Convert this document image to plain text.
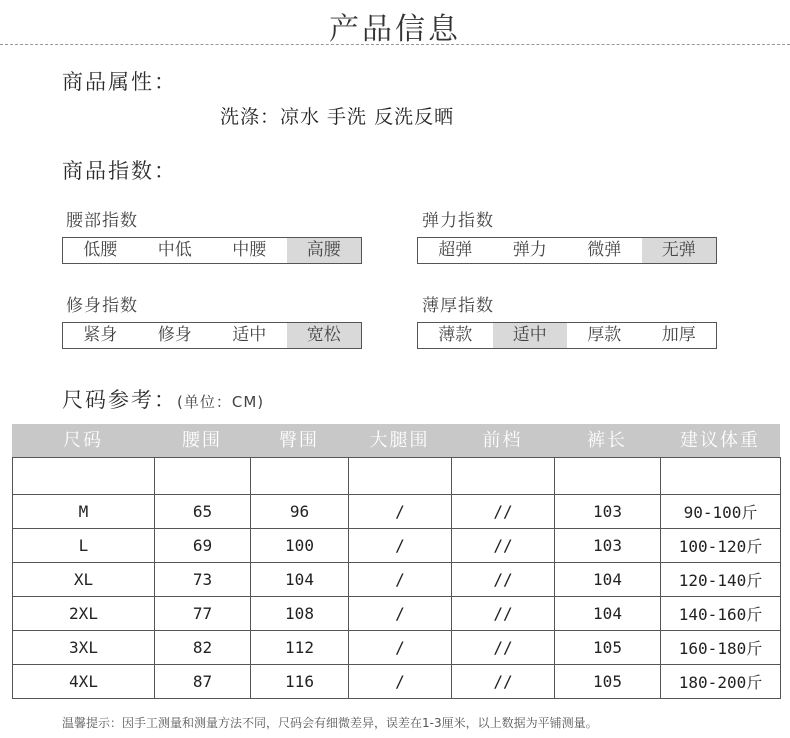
产品信息
商品属性：
洗涤：凉水 手洗 反洗反晒
商品指数：
腰部指数
低腰	中低	中腰	高腰
弹力指数
超弹	弹力	微弹	无弹
修身指数
紧身	修身	适中	宽松
薄厚指数
薄款	适中	厚款	加厚
尺码参考：(单位：CM)
尺码	腰围	臀围	大腿围	前档	裤长	建议体重

M	65	96	/	//	103	90-100斤
L	69	100	/	//	103	100-120斤
XL	73	104	/	//	104	120-140斤
2XL	77	108	/	//	104	140-160斤
3XL	82	112	/	//	105	160-180斤
4XL	87	116	/	//	105	180-200斤
温馨提示：因手工测量和测量方法不同，尺码会有细微差异，误差在1-3厘米，以上数据为平铺测量。
